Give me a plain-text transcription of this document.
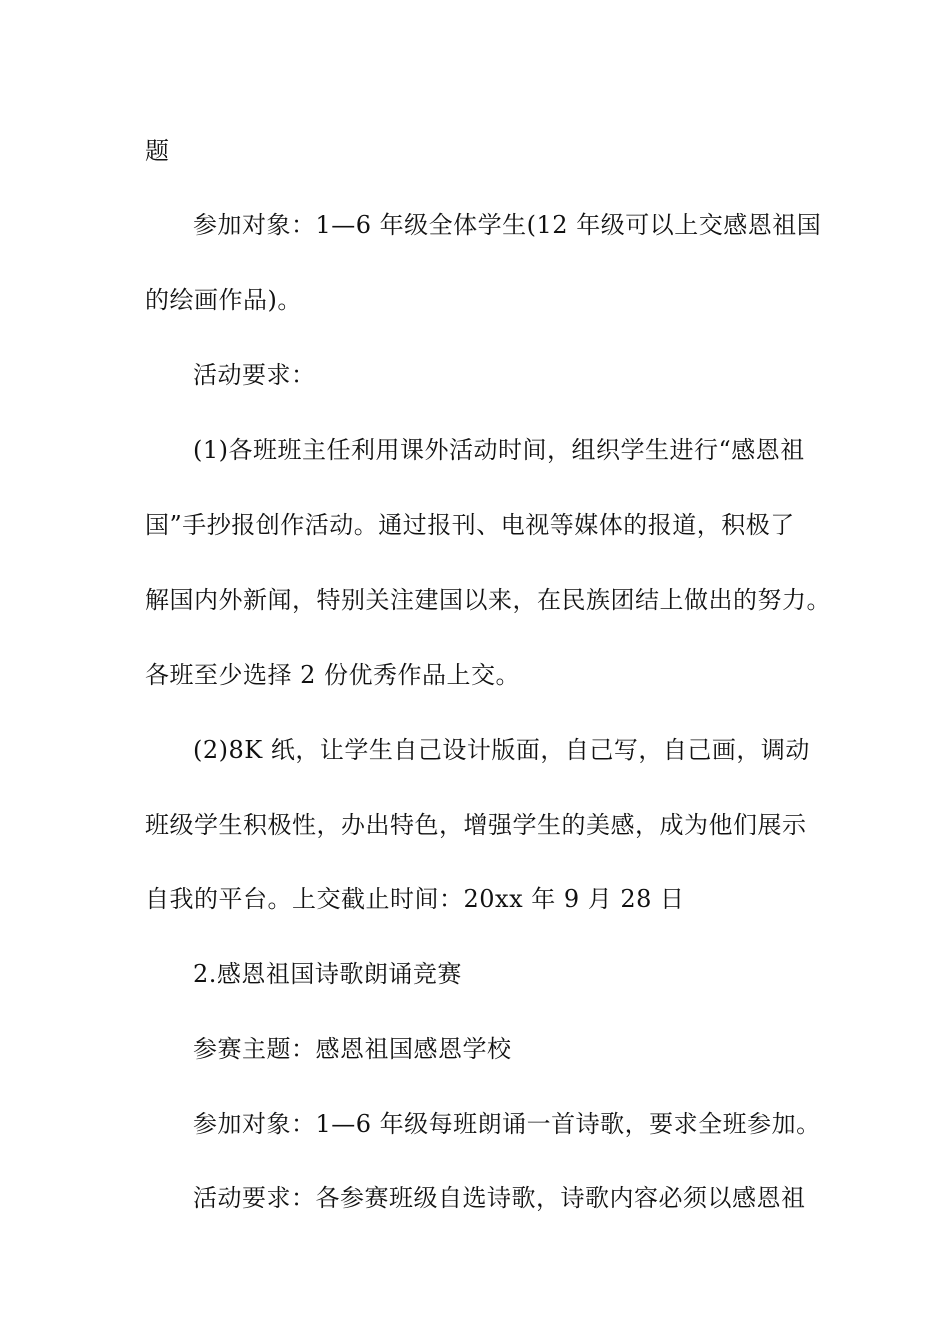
题
参加对象：1—6 年级全体学生(12 年级可以上交感恩祖国
的绘画作品)。
活动要求：
(1)各班班主任利用课外活动时间，组织学生进行“感恩祖
国”手抄报创作活动。通过报刊、电视等媒体的报道，积极了
解国内外新闻，特别关注建国以来，在民族团结上做出的努力。
各班至少选择 2 份优秀作品上交。
(2)8K 纸，让学生自己设计版面，自己写，自己画，调动
班级学生积极性，办出特色，增强学生的美感，成为他们展示
自我的平台。上交截止时间：20xx 年 9 月 28 日
2.感恩祖国诗歌朗诵竞赛
参赛主题：感恩祖国感恩学校
参加对象：1—6 年级每班朗诵一首诗歌，要求全班参加。
活动要求：各参赛班级自选诗歌，诗歌内容必须以感恩祖
